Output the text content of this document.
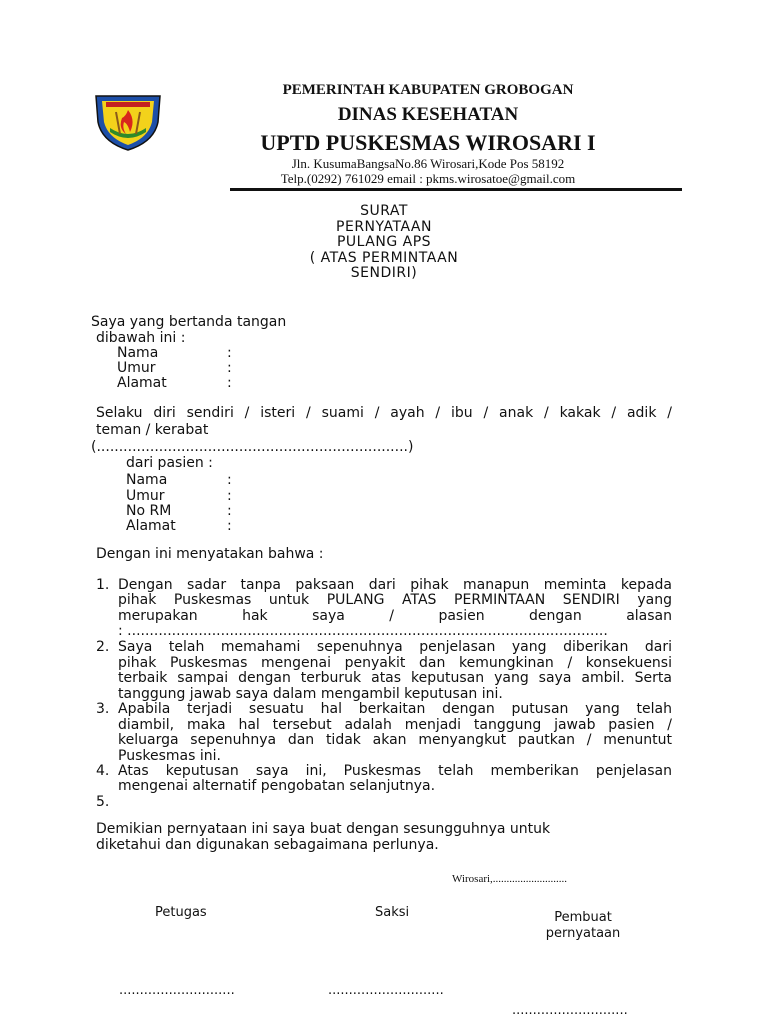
PEMERINTAH KABUPATEN GROBOGAN
DINAS KESEHATAN
UPTD PUSKESMAS WIROSARI I
Jln. KusumaBangsaNo.86 Wirosari,Kode Pos 58192
Telp.(0292) 761029 email : pkms.wirosatoe@gmail.com
SURAT
PERNYATAAN
PULANG APS
( ATAS PERMINTAAN
SENDIRI)
Saya yang bertanda tangan
dibawah ini :
Nama	:
Umur	:
Alamat	:
Selaku diri sendiri / isteri / suami / ayah / ibu / anak / kakak / adik /
teman / kerabat
(......................................................................)
dari pasien :
Nama	:
Umur	:
No RM	:
Alamat	:
Dengan ini menyatakan bahwa :
1. Dengan sadar tanpa paksaan dari pihak manapun meminta kepada
pihak Puskesmas untuk PULANG ATAS PERMINTAAN SENDIRI yang
merupakan hak saya / pasien dengan alasan
: ............................................................................................................
2. Saya telah memahami sepenuhnya penjelasan yang diberikan dari
pihak Puskesmas mengenai penyakit dan kemungkinan / konsekuensi
terbaik sampai dengan terburuk atas keputusan yang saya ambil. Serta
tanggung jawab saya dalam mengambil keputusan ini.
3. Apabila terjadi sesuatu hal berkaitan dengan putusan yang telah
diambil, maka hal tersebut adalah menjadi tanggung jawab pasien /
keluarga sepenuhnya dan tidak akan menyangkut pautkan / menuntut
Puskesmas ini.
4. Atas keputusan saya ini, Puskesmas telah memberikan penjelasan
mengenai alternatif pengobatan selanjutnya.
5.
Demikian pernyataan ini saya buat dengan sesungguhnya untuk
diketahui dan digunakan sebagaimana perlunya.
Wirosari,...........................
Petugas	Saksi	Pembuat
pernyataan
............................	............................
............................
